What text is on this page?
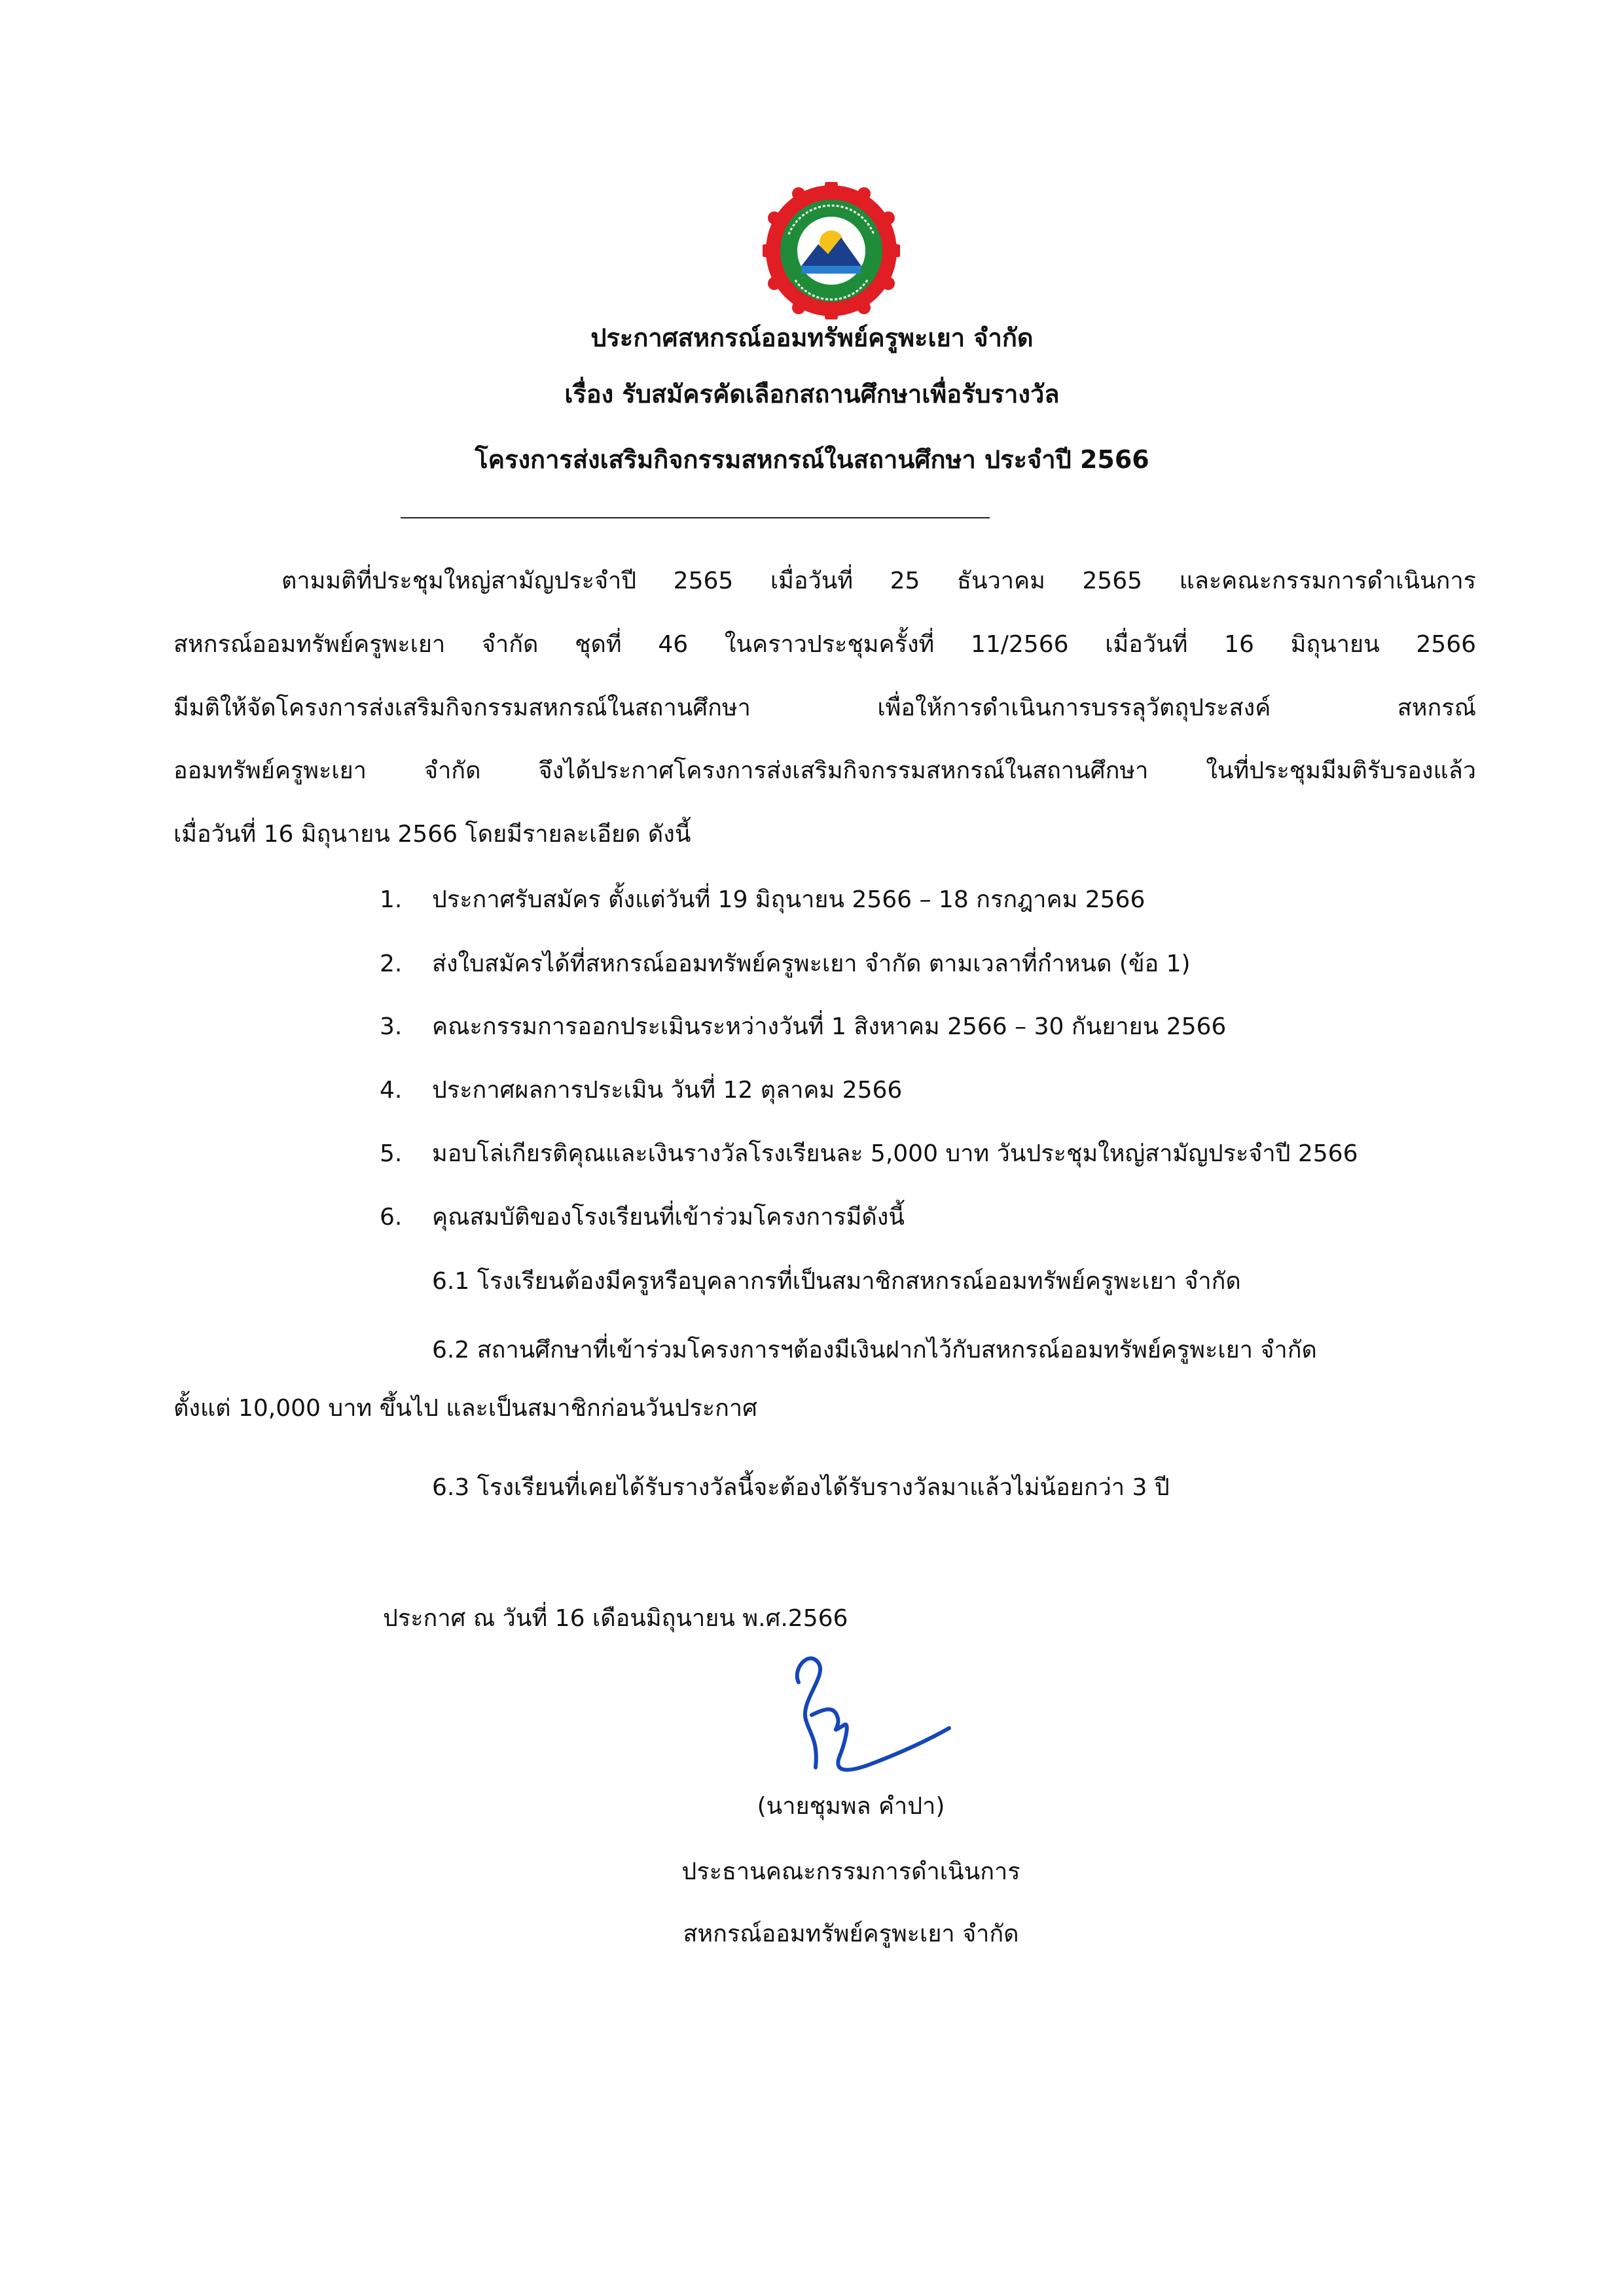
ประกาศสหกรณ์ออมทรัพย์ครูพะเยา จำกัด
เรื่อง รับสมัครคัดเลือกสถานศึกษาเพื่อรับรางวัล
โครงการส่งเสริมกิจกรรมสหกรณ์ในสถานศึกษา ประจำปี 2566
ตามมติที่ประชุมใหญ่สามัญประจำปี 2565 เมื่อวันที่ 25 ธันวาคม 2565 และคณะกรรมการดำเนินการ
สหกรณ์ออมทรัพย์ครูพะเยา จำกัด ชุดที่ 46 ในคราวประชุมครั้งที่ 11/2566 เมื่อวันที่ 16 มิถุนายน 2566
มีมติให้จัดโครงการส่งเสริมกิจกรรมสหกรณ์ในสถานศึกษา เพื่อให้การดำเนินการบรรลุวัตถุประสงค์ สหกรณ์
ออมทรัพย์ครูพะเยา จำกัด จึงได้ประกาศโครงการส่งเสริมกิจกรรมสหกรณ์ในสถานศึกษา ในที่ประชุมมีมติรับรองแล้ว
เมื่อวันที่ 16 มิถุนายน 2566 โดยมีรายละเอียด ดังนี้
1. ประกาศรับสมัคร ตั้งแต่วันที่ 19 มิถุนายน 2566 – 18 กรกฎาคม 2566
2. ส่งใบสมัครได้ที่สหกรณ์ออมทรัพย์ครูพะเยา จำกัด ตามเวลาที่กำหนด (ข้อ 1)
3. คณะกรรมการออกประเมินระหว่างวันที่ 1 สิงหาคม 2566 – 30 กันยายน 2566
4. ประกาศผลการประเมิน วันที่ 12 ตุลาคม 2566
5. มอบโล่เกียรติคุณและเงินรางวัลโรงเรียนละ 5,000 บาท วันประชุมใหญ่สามัญประจำปี 2566
6. คุณสมบัติของโรงเรียนที่เข้าร่วมโครงการมีดังนี้
6.1 โรงเรียนต้องมีครูหรือบุคลากรที่เป็นสมาชิกสหกรณ์ออมทรัพย์ครูพะเยา จำกัด
6.2 สถานศึกษาที่เข้าร่วมโครงการฯต้องมีเงินฝากไว้กับสหกรณ์ออมทรัพย์ครูพะเยา จำกัด
ตั้งแต่ 10,000 บาท ขึ้นไป และเป็นสมาชิกก่อนวันประกาศ
6.3 โรงเรียนที่เคยได้รับรางวัลนี้จะต้องได้รับรางวัลมาแล้วไม่น้อยกว่า 3 ปี
ประกาศ ณ วันที่ 16 เดือนมิถุนายน พ.ศ.2566
(นายชุมพล คำปา)
ประธานคณะกรรมการดำเนินการ
สหกรณ์ออมทรัพย์ครูพะเยา จำกัด
